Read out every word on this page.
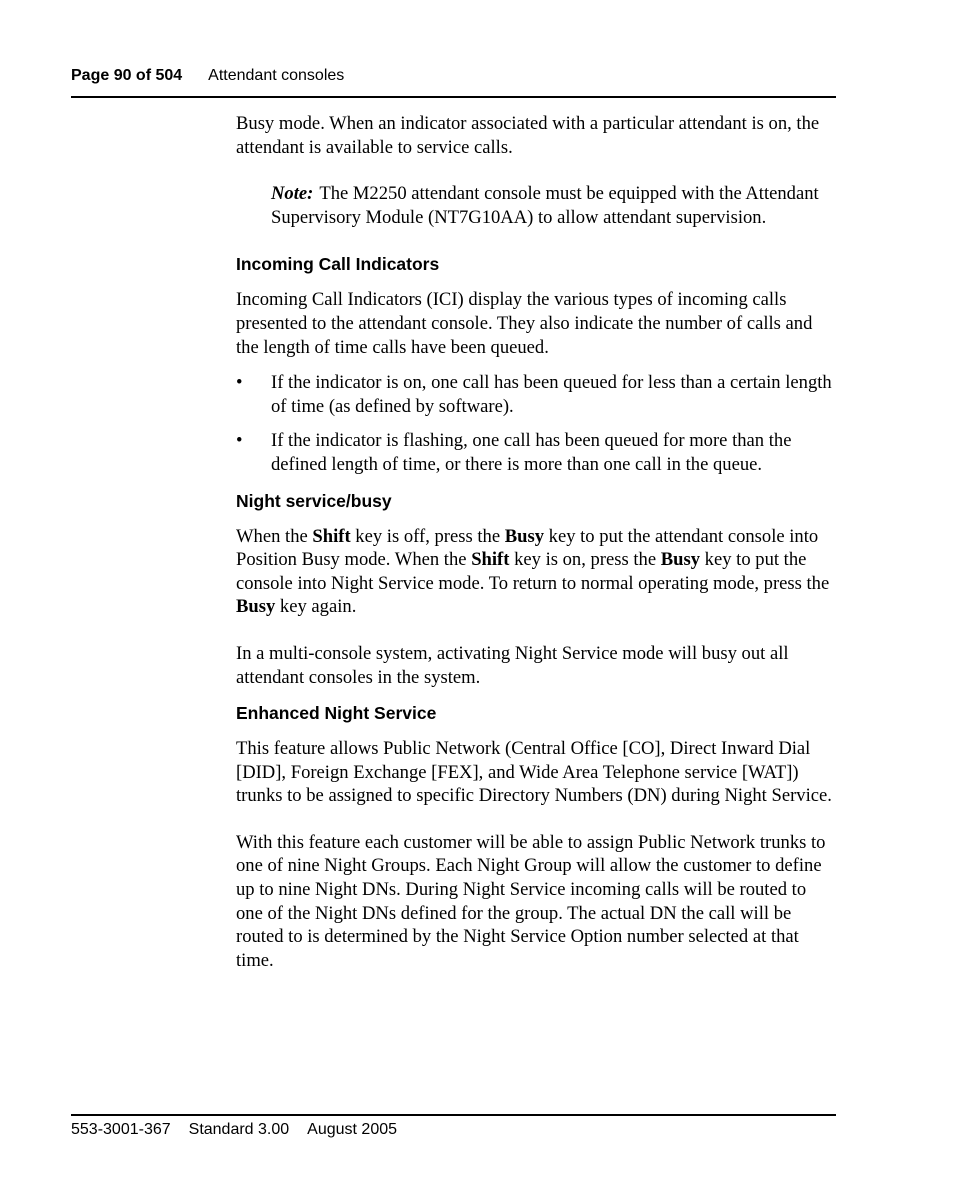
Page 90 of 504 Attendant consoles

Busy mode. When an indicator associated with a particular attendant is on, the attendant is available to service calls.

Note: The M2250 attendant console must be equipped with the Attendant Supervisory Module (NT7G10AA) to allow attendant supervision.

Incoming Call Indicators

Incoming Call Indicators (ICI) display the various types of incoming calls presented to the attendant console. They also indicate the number of calls and the length of time calls have been queued.

• If the indicator is on, one call has been queued for less than a certain length of time (as defined by software).
• If the indicator is flashing, one call has been queued for more than the defined length of time, or there is more than one call in the queue.
Night service/busy

When the Shift key is off, press the Busy key to put the attendant console into Position Busy mode. When the Shift key is on, press the Busy key to put the console into Night Service mode. To return to normal operating mode, press the Busy key again.

In a multi-console system, activating Night Service mode will busy out all attendant consoles in the system.

Enhanced Night Service

This feature allows Public Network (Central Office [CO], Direct Inward Dial [DID], Foreign Exchange [FEX], and Wide Area Telephone service [WAT]) trunks to be assigned to specific Directory Numbers (DN) during Night Service.

With this feature each customer will be able to assign Public Network trunks to one of nine Night Groups. Each Night Group will allow the customer to define up to nine Night DNs. During Night Service incoming calls will be routed to one of the Night DNs defined for the group. The actual DN the call will be routed to is determined by the Night Service Option number selected at that time.

553-3001-367 Standard 3.00 August 2005
